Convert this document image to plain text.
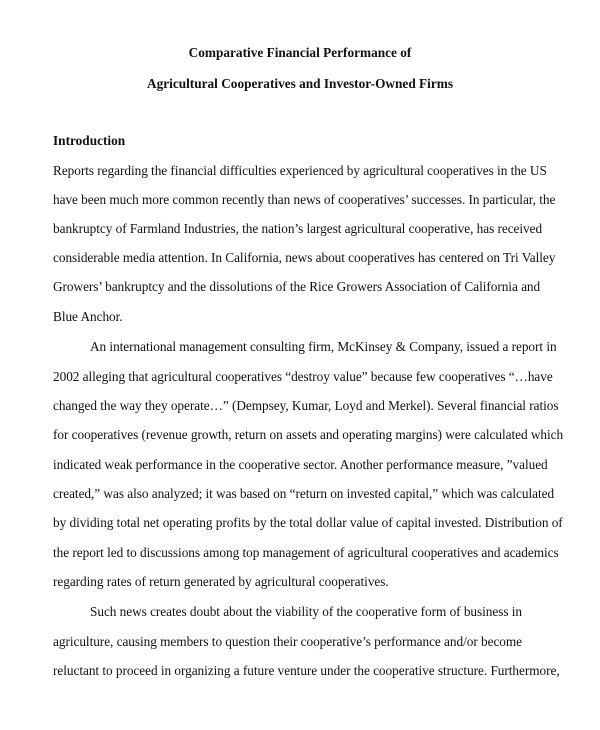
Comparative Financial Performance of
Agricultural Cooperatives and Investor-Owned Firms
Introduction
Reports regarding the financial difficulties experienced by agricultural cooperatives in the US
have been much more common recently than news of cooperatives’ successes. In particular, the
bankruptcy of Farmland Industries, the nation’s largest agricultural cooperative, has received
considerable media attention. In California, news about cooperatives has centered on Tri Valley
Growers’ bankruptcy and the dissolutions of the Rice Growers Association of California and
Blue Anchor.
An international management consulting firm, McKinsey & Company, issued a report in
2002 alleging that agricultural cooperatives “destroy value” because few cooperatives “…have
changed the way they operate…” (Dempsey, Kumar, Loyd and Merkel). Several financial ratios
for cooperatives (revenue growth, return on assets and operating margins) were calculated which
indicated weak performance in the cooperative sector. Another performance measure, ”valued
created,” was also analyzed; it was based on “return on invested capital,” which was calculated
by dividing total net operating profits by the total dollar value of capital invested. Distribution of
the report led to discussions among top management of agricultural cooperatives and academics
regarding rates of return generated by agricultural cooperatives.
Such news creates doubt about the viability of the cooperative form of business in
agriculture, causing members to question their cooperative’s performance and/or become
reluctant to proceed in organizing a future venture under the cooperative structure. Furthermore,
